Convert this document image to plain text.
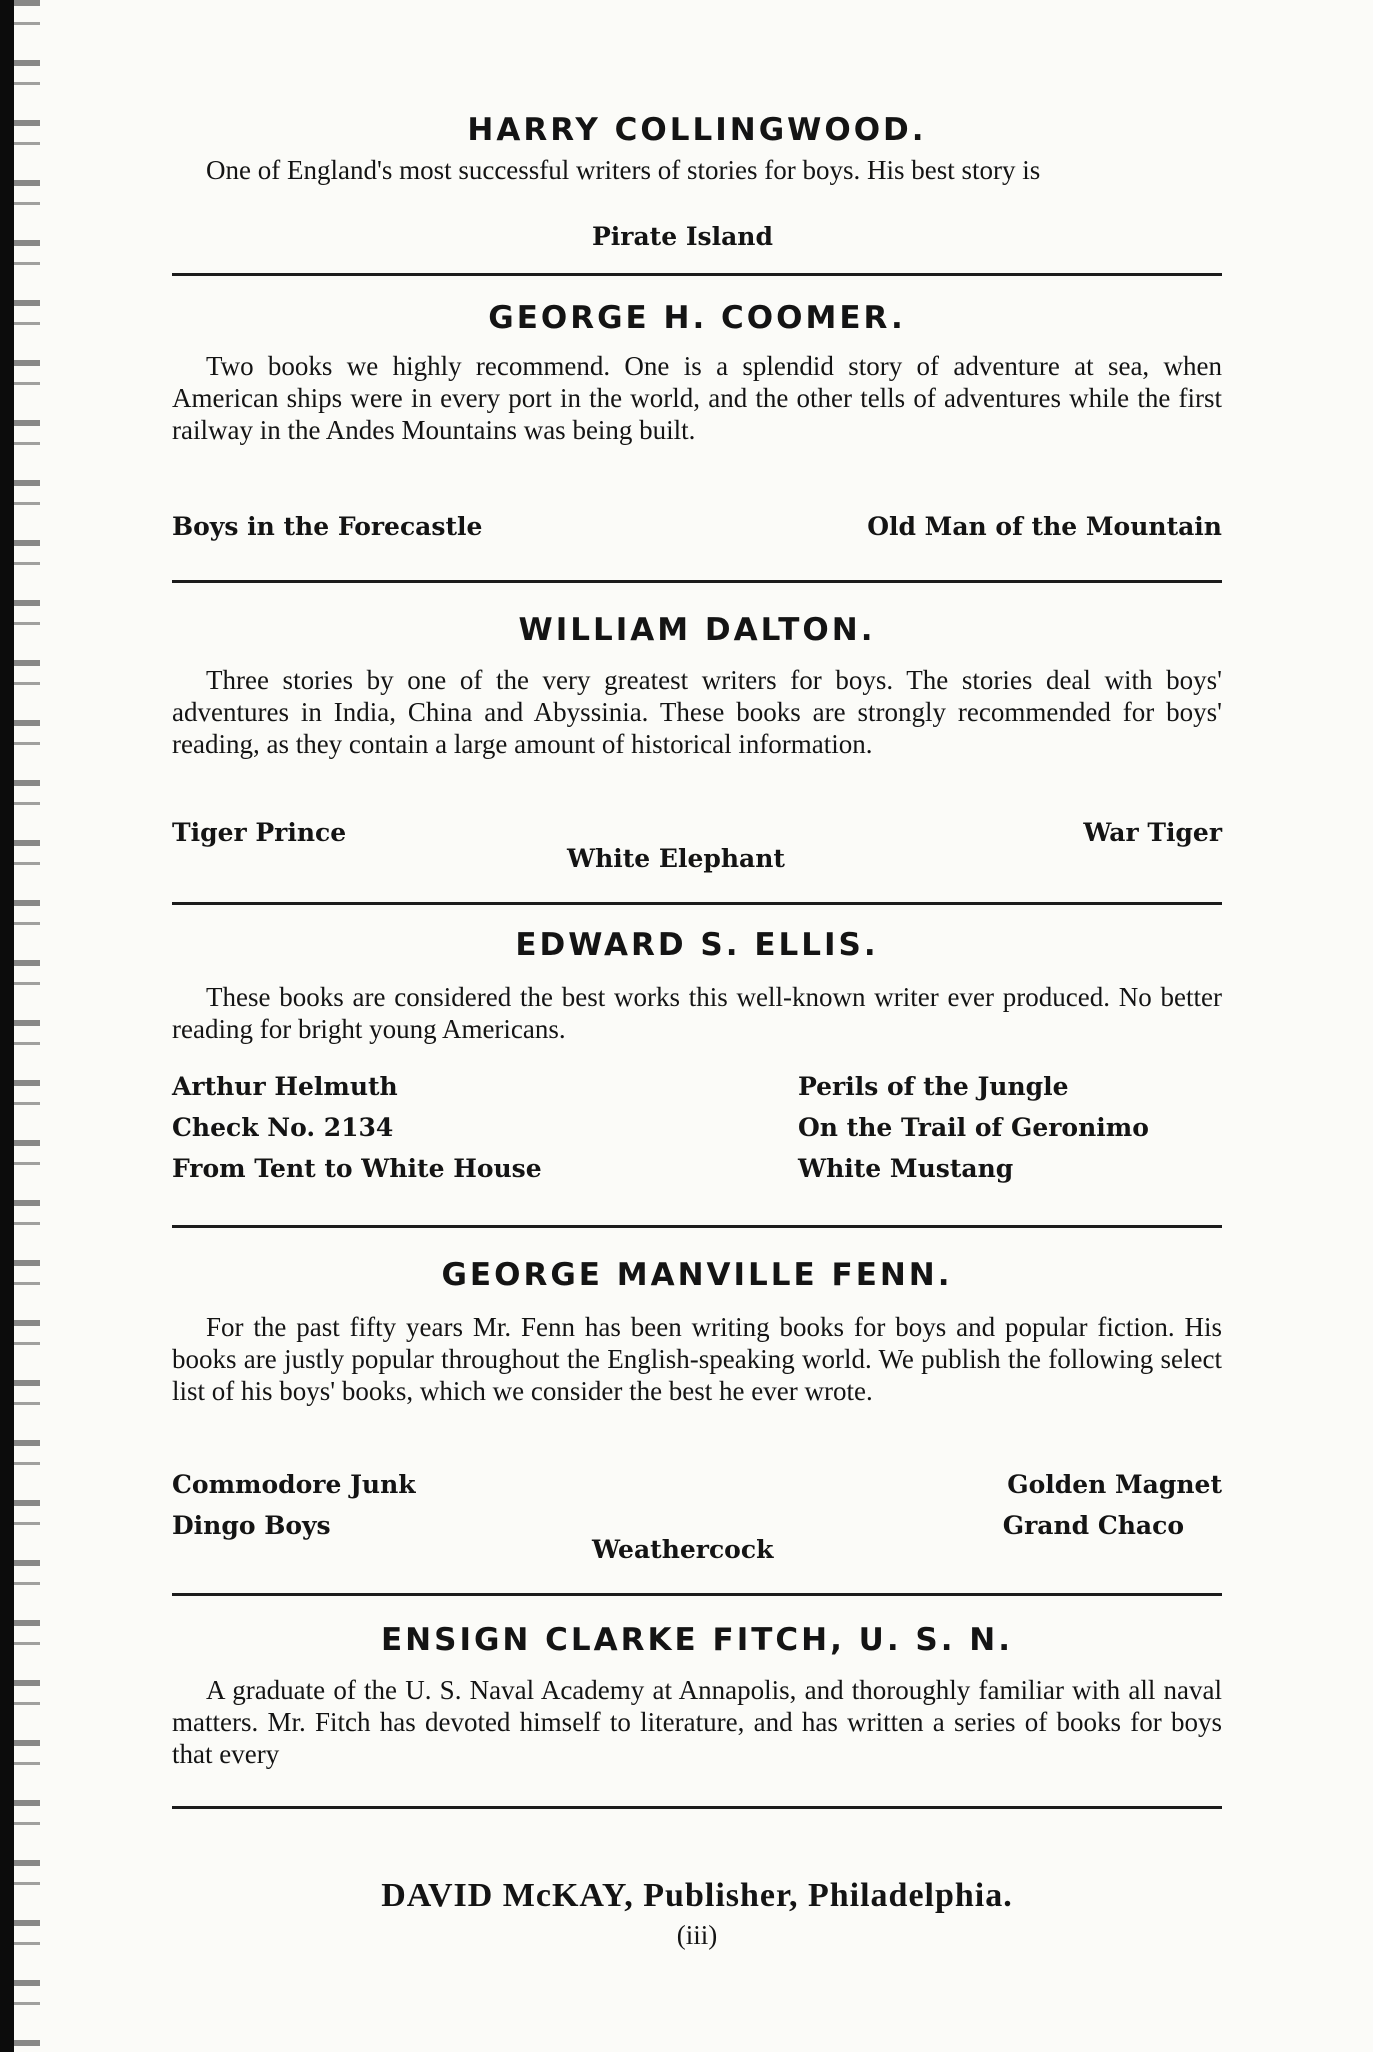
HARRY COLLINGWOOD.

One of England's most successful writers of stories for boys. His best story is

Pirate Island
GEORGE H. COOMER.

Two books we highly recommend. One is a splendid story of adventure at sea, when American ships were in every port in the world, and the other tells of adventures while the first railway in the Andes Mountains was being built.

Boys in the Forecastle	Old Man of the Mountain
WILLIAM DALTON.

Three stories by one of the very greatest writers for boys. The stories deal with boys' adventures in India, China and Abyssinia. These books are strongly recommended for boys' reading, as they contain a large amount of historical information.

Tiger Prince	War Tiger
White Elephant
EDWARD S. ELLIS.

These books are considered the best works this well-known writer ever produced. No better reading for bright young Americans.

Arthur Helmuth	Perils of the Jungle
Check No. 2134	On the Trail of Geronimo
From Tent to White House	White Mustang
GEORGE MANVILLE FENN.

For the past fifty years Mr. Fenn has been writing books for boys and popular fiction. His books are justly popular throughout the English-speaking world. We publish the following select list of his boys' books, which we consider the best he ever wrote.

Commodore Junk	Golden Magnet
Dingo Boys	Grand Chaco
Weathercock
ENSIGN CLARKE FITCH, U. S. N.

A graduate of the U. S. Naval Academy at Annapolis, and thoroughly familiar with all naval matters. Mr. Fitch has devoted himself to literature, and has written a series of books for boys that every

DAVID McKAY, Publisher, Philadelphia.
(iii)
